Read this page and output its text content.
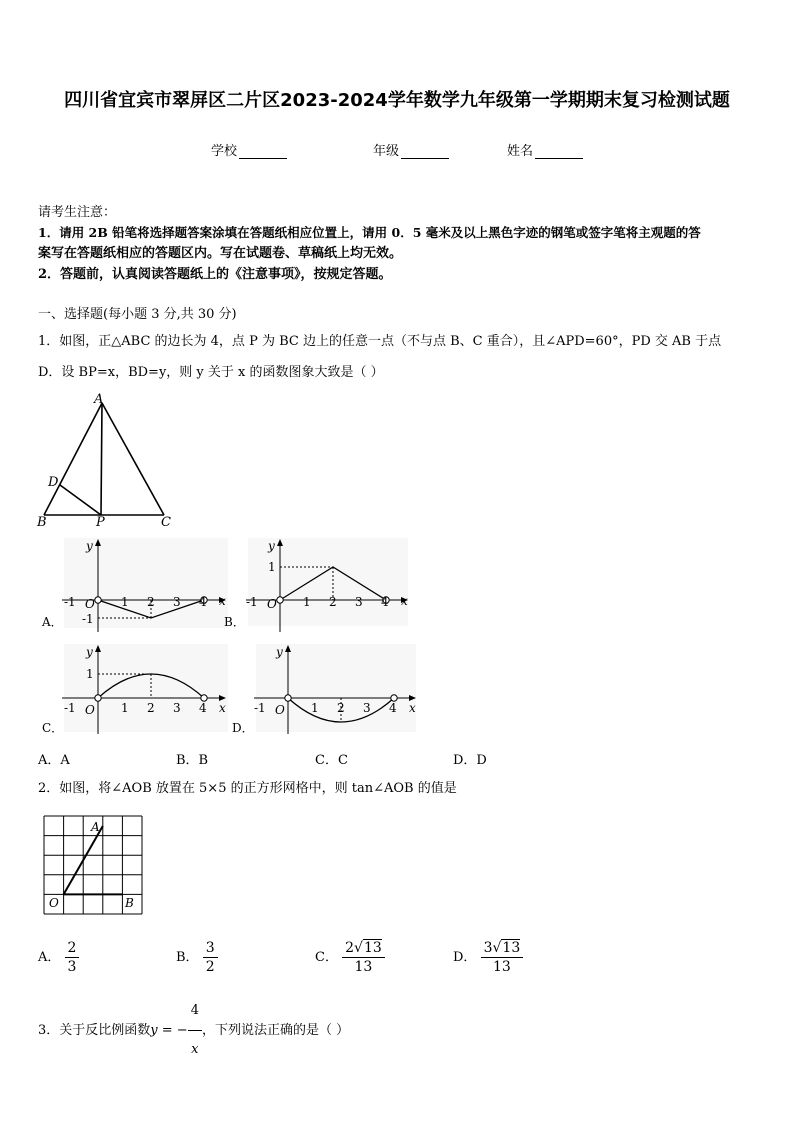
四川省宜宾市翠屏区二片区2023-2024学年数学九年级第一学期期末复习检测试题
学校	年级	姓名
请考生注意：
1．请用 2B 铅笔将选择题答案涂填在答题纸相应位置上，请用 0．5 毫米及以上黑色字迹的钢笔或签字笔将主观题的答
案写在答题纸相应的答题区内。写在试题卷、草稿纸上均无效。
2．答题前，认真阅读答题纸上的《注意事项》，按规定答题。
一、选择题(每小题 3 分,共 30 分)
1．如图，正△ABC 的边长为 4，点 P 为 BC 边上的任意一点（不与点 B、C 重合），且∠APD=60°，PD 交 AB 于点
D．设 BP=x，BD=y，则 y 关于 x 的函数图象大致是（ ）
A
D
B	P	C
y
x
-1 O 1 2 3 4
-1
A．
y
x
1
-1 O 1 2 3 4
B．
y
x
1
-1 O 1 2 3 4
C．
y
x
-1 O 1 2 3 4
D．
A．A	B．B	C．C	D．D
2．如图，将∠AOB 放置在 5×5 的正方形网格中，则 tan∠AOB 的值是
A
O	B
A． $\frac{2}{3}$	B． $\frac{3}{2}$	C． $\frac{2√13}{13}$	D． $\frac{3√13}{13}$
3．关于反比例函数y = − $\frac{4}{x}$ ，下列说法正确的是（ ）
